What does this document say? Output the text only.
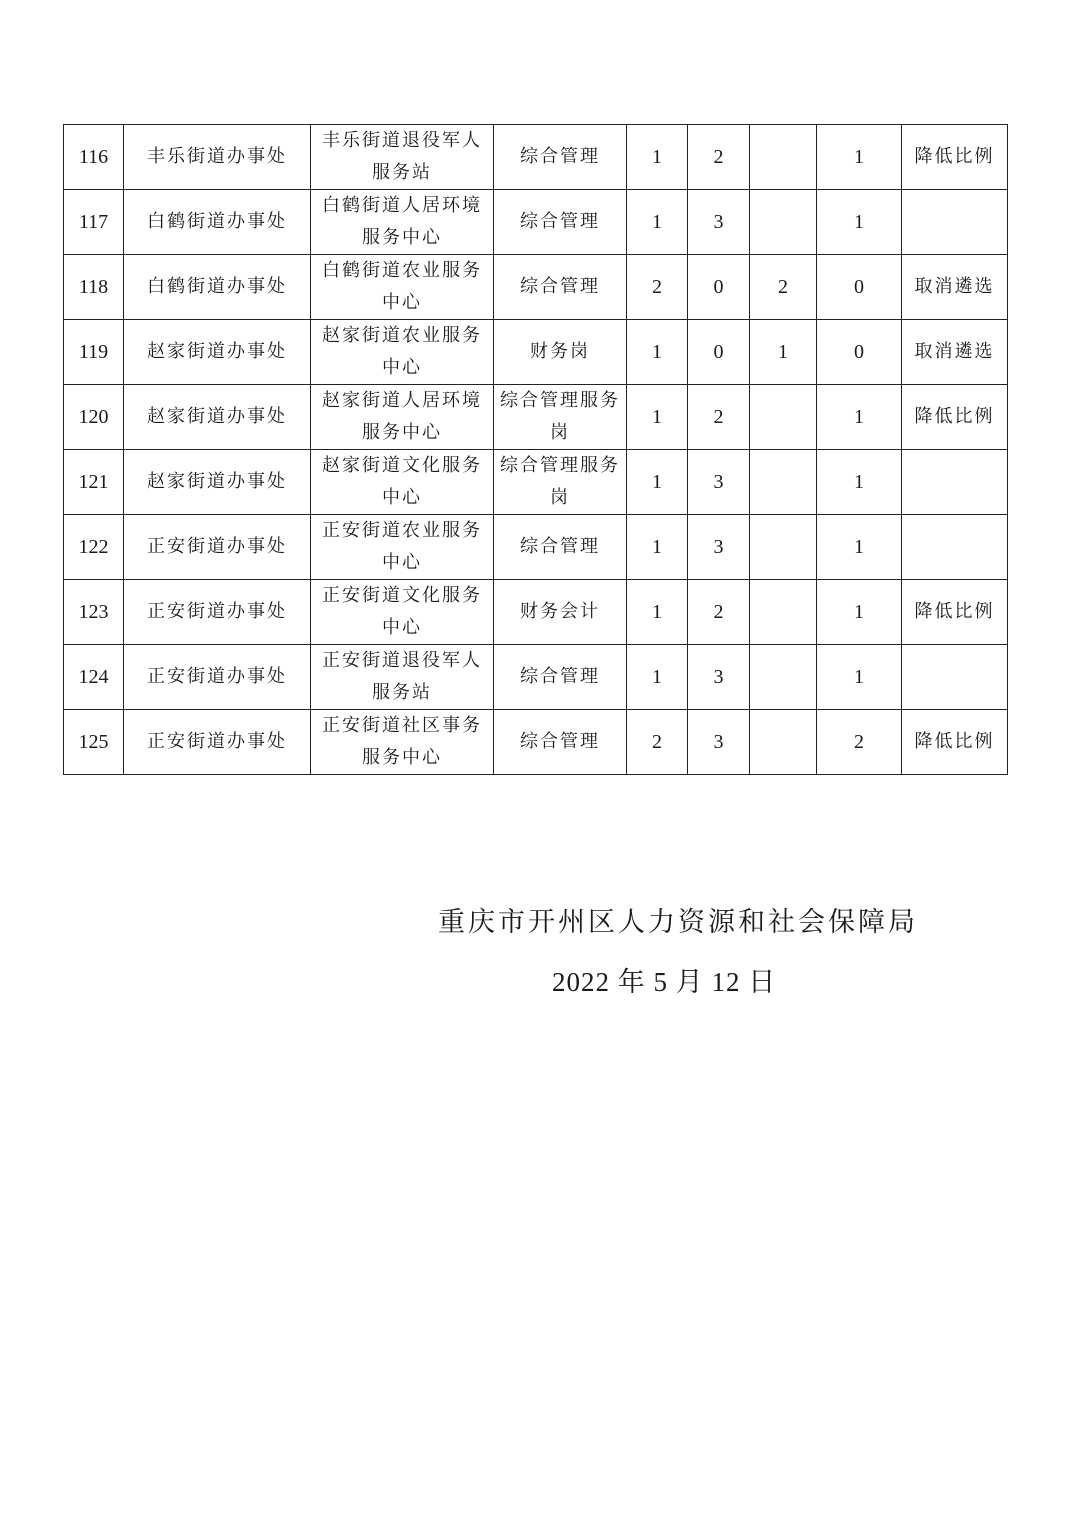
116	丰乐街道办事处	丰乐街道退役军人服务站	综合管理	1	2		1	降低比例
117	白鹤街道办事处	白鹤街道人居环境服务中心	综合管理	1	3		1	
118	白鹤街道办事处	白鹤街道农业服务中心	综合管理	2	0	2	0	取消遴选
119	赵家街道办事处	赵家街道农业服务中心	财务岗	1	0	1	0	取消遴选
120	赵家街道办事处	赵家街道人居环境服务中心	综合管理服务岗	1	2		1	降低比例
121	赵家街道办事处	赵家街道文化服务中心	综合管理服务岗	1	3		1	
122	正安街道办事处	正安街道农业服务中心	综合管理	1	3		1	
123	正安街道办事处	正安街道文化服务中心	财务会计	1	2		1	降低比例
124	正安街道办事处	正安街道退役军人服务站	综合管理	1	3		1	
125	正安街道办事处	正安街道社区事务服务中心	综合管理	2	3		2	降低比例
重庆市开州区人力资源和社会保障局
2022 年 5 月 12 日
